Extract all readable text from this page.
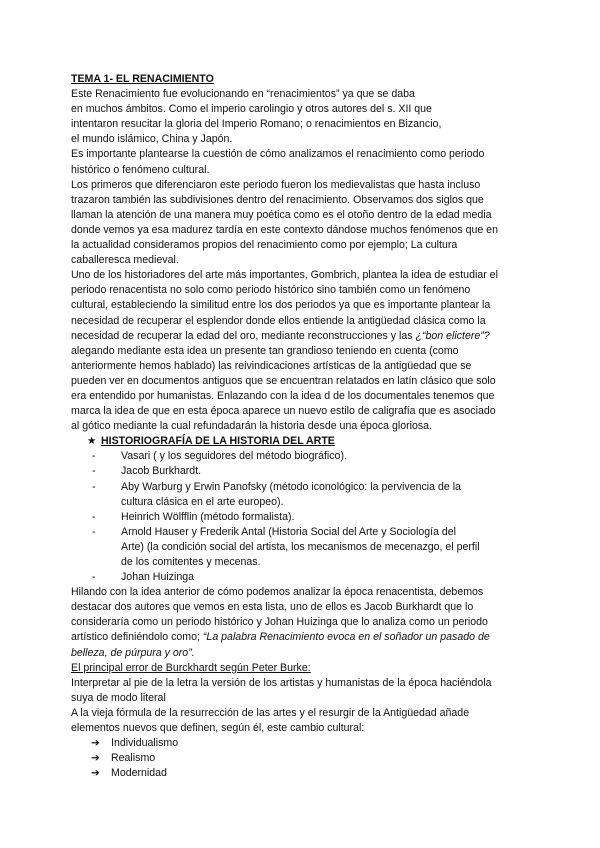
TEMA 1- EL RENACIMIENTO
Este Renacimiento fue evolucionando en “renacimientos” ya que se daba
en muchos ámbitos. Como el imperio carolingio y otros autores del s. XII que
intentaron resucitar la gloria del Imperio Romano; o renacimientos en Bizancio,
el mundo islámico, China y Japón.
Es importante plantearse la cuestión de cómo analizamos el renacimiento como periodo
histórico o fenómeno cultural.
Los primeros que diferenciaron este periodo fueron los medievalistas que hasta incluso
trazaron también las subdivisiones dentro del renacimiento. Observamos dos siglos que
llaman la atención de una manera muy poética como es el otoño dentro de la edad media
donde vemos ya esa madurez tardía en este contexto dándose muchos fenómenos que en
la actualidad consideramos propios del renacimiento como por ejemplo; La cultura
caballeresca medieval.
Uno de los historiadores del arte más importantes, Gombrich, plantea la idea de estudiar el
periodo renacentista no solo como periodo histórico sino también como un fenómeno
cultural, estableciendo la similitud entre los dos periodos ya que es importante plantear la
necesidad de recuperar el esplendor donde ellos entiende la antigüedad clásica como la
necesidad de recuperar la edad del oro, mediante reconstrucciones y las ¿“bon elictere”?
alegando mediante esta idea un presente tan grandioso teniendo en cuenta (como
anteriormente hemos hablado) las reivindicaciones artísticas de la antigüedad que se
pueden ver en documentos antiguos que se encuentran relatados en latín clásico que solo
era entendido por humanistas. Enlazando con la idea d de los documentales tenemos que
marca la idea de que en esta época aparece un nuevo estilo de caligrafía que es asociado
al gótico mediante la cual refundadarán la historia desde una época gloriosa.
★ HISTORIOGRAFÍA DE LA HISTORIA DEL ARTE
-	Vasari ( y los seguidores del método biográfico).
-	Jacob Burkhardt.
-	Aby Warburg y Erwin Panofsky (método iconológico: la pervivencia de la
cultura clásica en el arte europeo).
-	Heinrich Wölfflin (método formalista).
-	Arnold Hauser y Frederik Antal (Historia Social del Arte y Sociología del
Arte) (la condición social del artista, los mecanismos de mecenazgo, el perfil
de los comitentes y mecenas.
-	Johan Huizinga
Hilando con la idea anterior de cómo podemos analizar la época renacentista, debemos
destacar dos autores que vemos en esta lista, uno de ellos es Jacob Burkhardt que lo
consideraría como un periodo histórico y Johan Huizinga que lo analiza como un periodo
artístico definiéndolo como; “La palabra Renacimiento evoca en el soñador un pasado de
belleza, de púrpura y oro”.
El principal error de Burckhardt según Peter Burke:
Interpretar al pie de la letra la versión de los artistas y humanistas de la época haciéndola
suya de modo literal
A la vieja fórmula de la resurrección de las artes y el resurgir de la Antigüedad añade
elementos nuevos que definen, según él, este cambio cultural:
➔	Individualismo
➔	Realismo
➔	Modernidad
